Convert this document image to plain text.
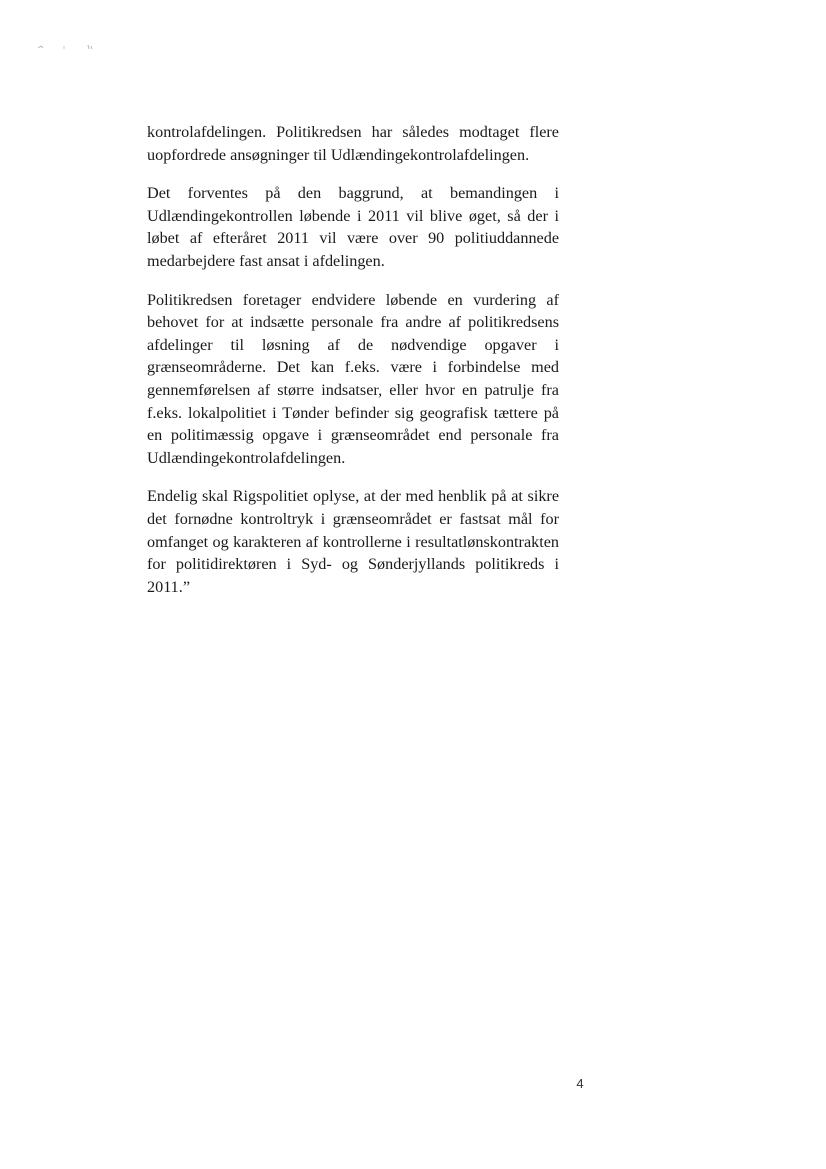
kontrolafdelingen. Politikredsen har således modtaget flere uopfordrede ansøgninger til Udlændingekontrolafdelingen.

Det forventes på den baggrund, at bemandingen i Udlændingekontrollen løbende i 2011 vil blive øget, så der i løbet af efteråret 2011 vil være over 90 politiuddannede medarbejdere fast ansat i afdelingen.

Politikredsen foretager endvidere løbende en vurdering af behovet for at indsætte personale fra andre af politikredsens afdelinger til løsning af de nødvendige opgaver i grænseområderne. Det kan f.eks. være i forbindelse med gennemførelsen af større indsatser, eller hvor en patrulje fra f.eks. lokalpolitiet i Tønder befinder sig geografisk tættere på en politimæssig opgave i grænseområdet end personale fra Udlændingekontrolafdelingen.

Endelig skal Rigspolitiet oplyse, at der med henblik på at sikre det fornødne kontroltryk i grænseområdet er fastsat mål for omfanget og karakteren af kontrollerne i resultatlønskontrakten for politidirektøren i Syd- og Sønderjyllands politikreds i 2011.”

4
